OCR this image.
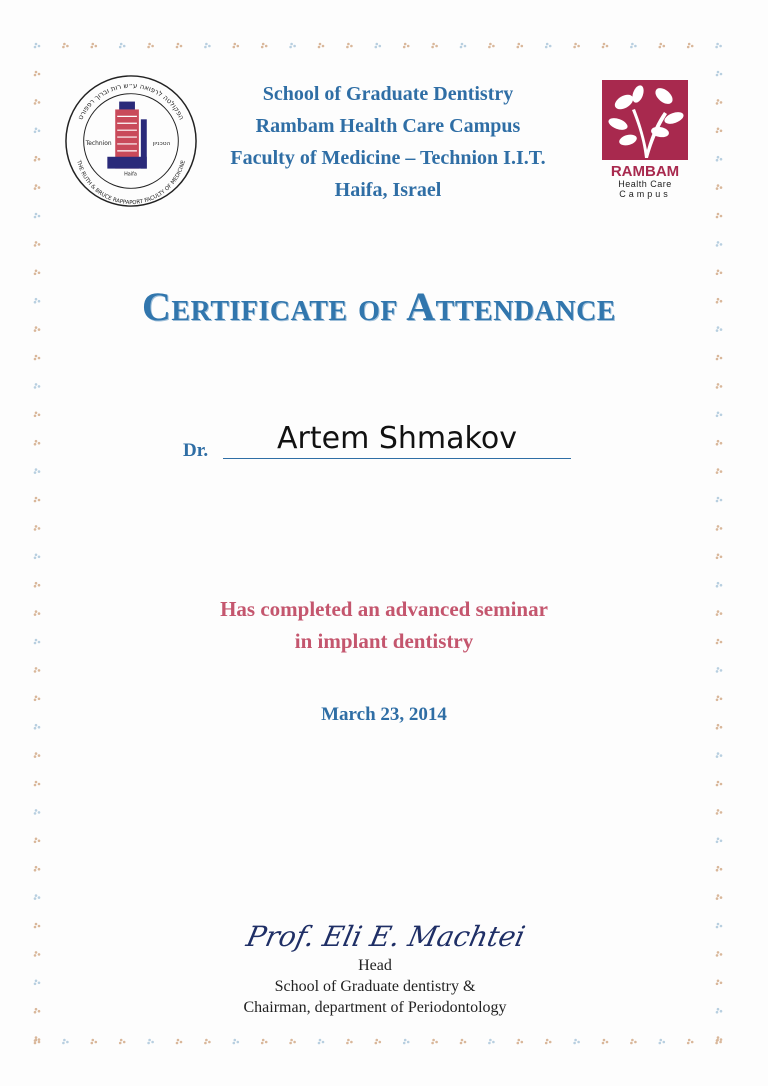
הפקולטה לרפואה ע״ש רות וברוך רפפורט
THE RUTH & BRUCE RAPPAPORT FACULTY OF MEDICINE
Technion	הטכניון
Haifa
School of Graduate Dentistry
Rambam Health Care Campus
Faculty of Medicine – Technion I.I.T.
Haifa, Israel
RAMBAM
Health Care
Campus
Certificate of Attendance
Dr.	Artem Shmakov
Has completed an advanced seminar
in implant dentistry
March 23, 2014
Prof. Eli E. Machtei
Head
School of Graduate dentistry &
Chairman, department of Periodontology
